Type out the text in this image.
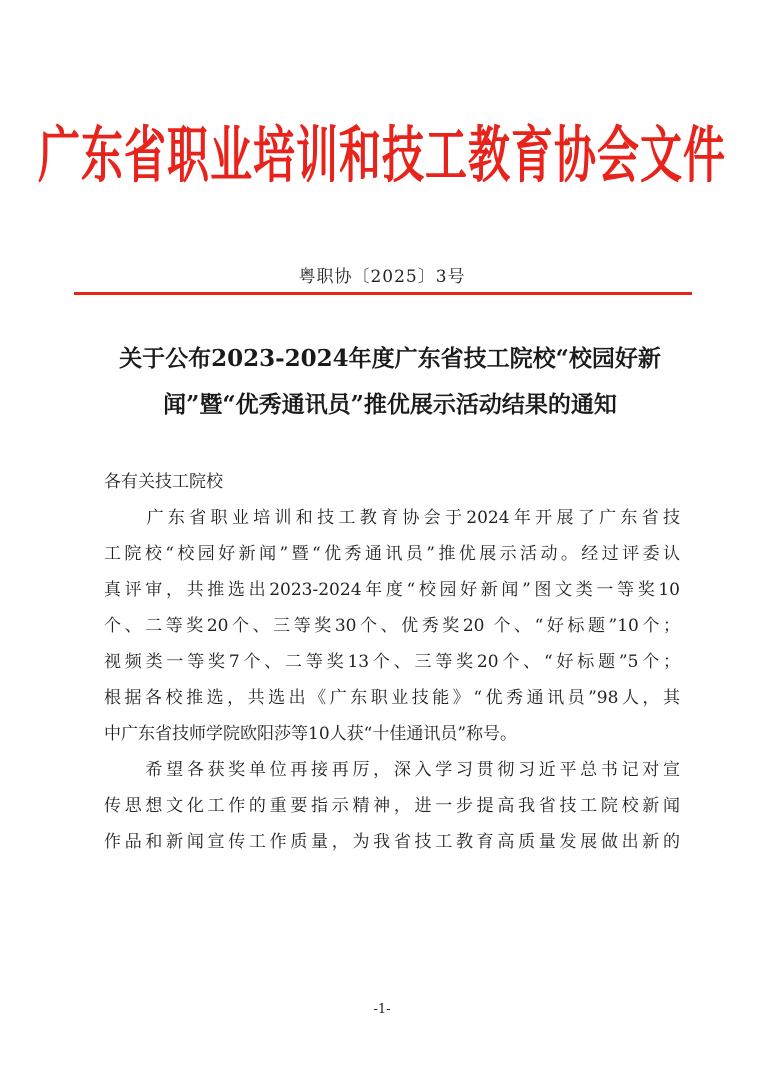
广东省职业培训和技工教育协会文件
粤职协〔2025〕3号
关于公布2023-2024年度广东省技工院校“校园好新
闻”暨“优秀通讯员”推优展示活动结果的通知
各有关技工院校
　　广东省职业培训和技工教育协会于2024年开展了广东省技
工院校“校园好新闻”暨“优秀通讯员”推优展示活动。经过评委认
真评审，共推选出2023-2024年度“校园好新闻”图文类一等奖10
个、二等奖20个、三等奖30个、优秀奖20 个、“好标题”10个；
视频类一等奖7个、二等奖13个、三等奖20个、“好标题”5个；
根据各校推选，共选出《广东职业技能》“优秀通讯员”98人，其
中广东省技师学院欧阳莎等10人获“十佳通讯员”称号。
　　希望各获奖单位再接再厉，深入学习贯彻习近平总书记对宣
传思想文化工作的重要指示精神，进一步提高我省技工院校新闻
作品和新闻宣传工作质量，为我省技工教育高质量发展做出新的
-1-
